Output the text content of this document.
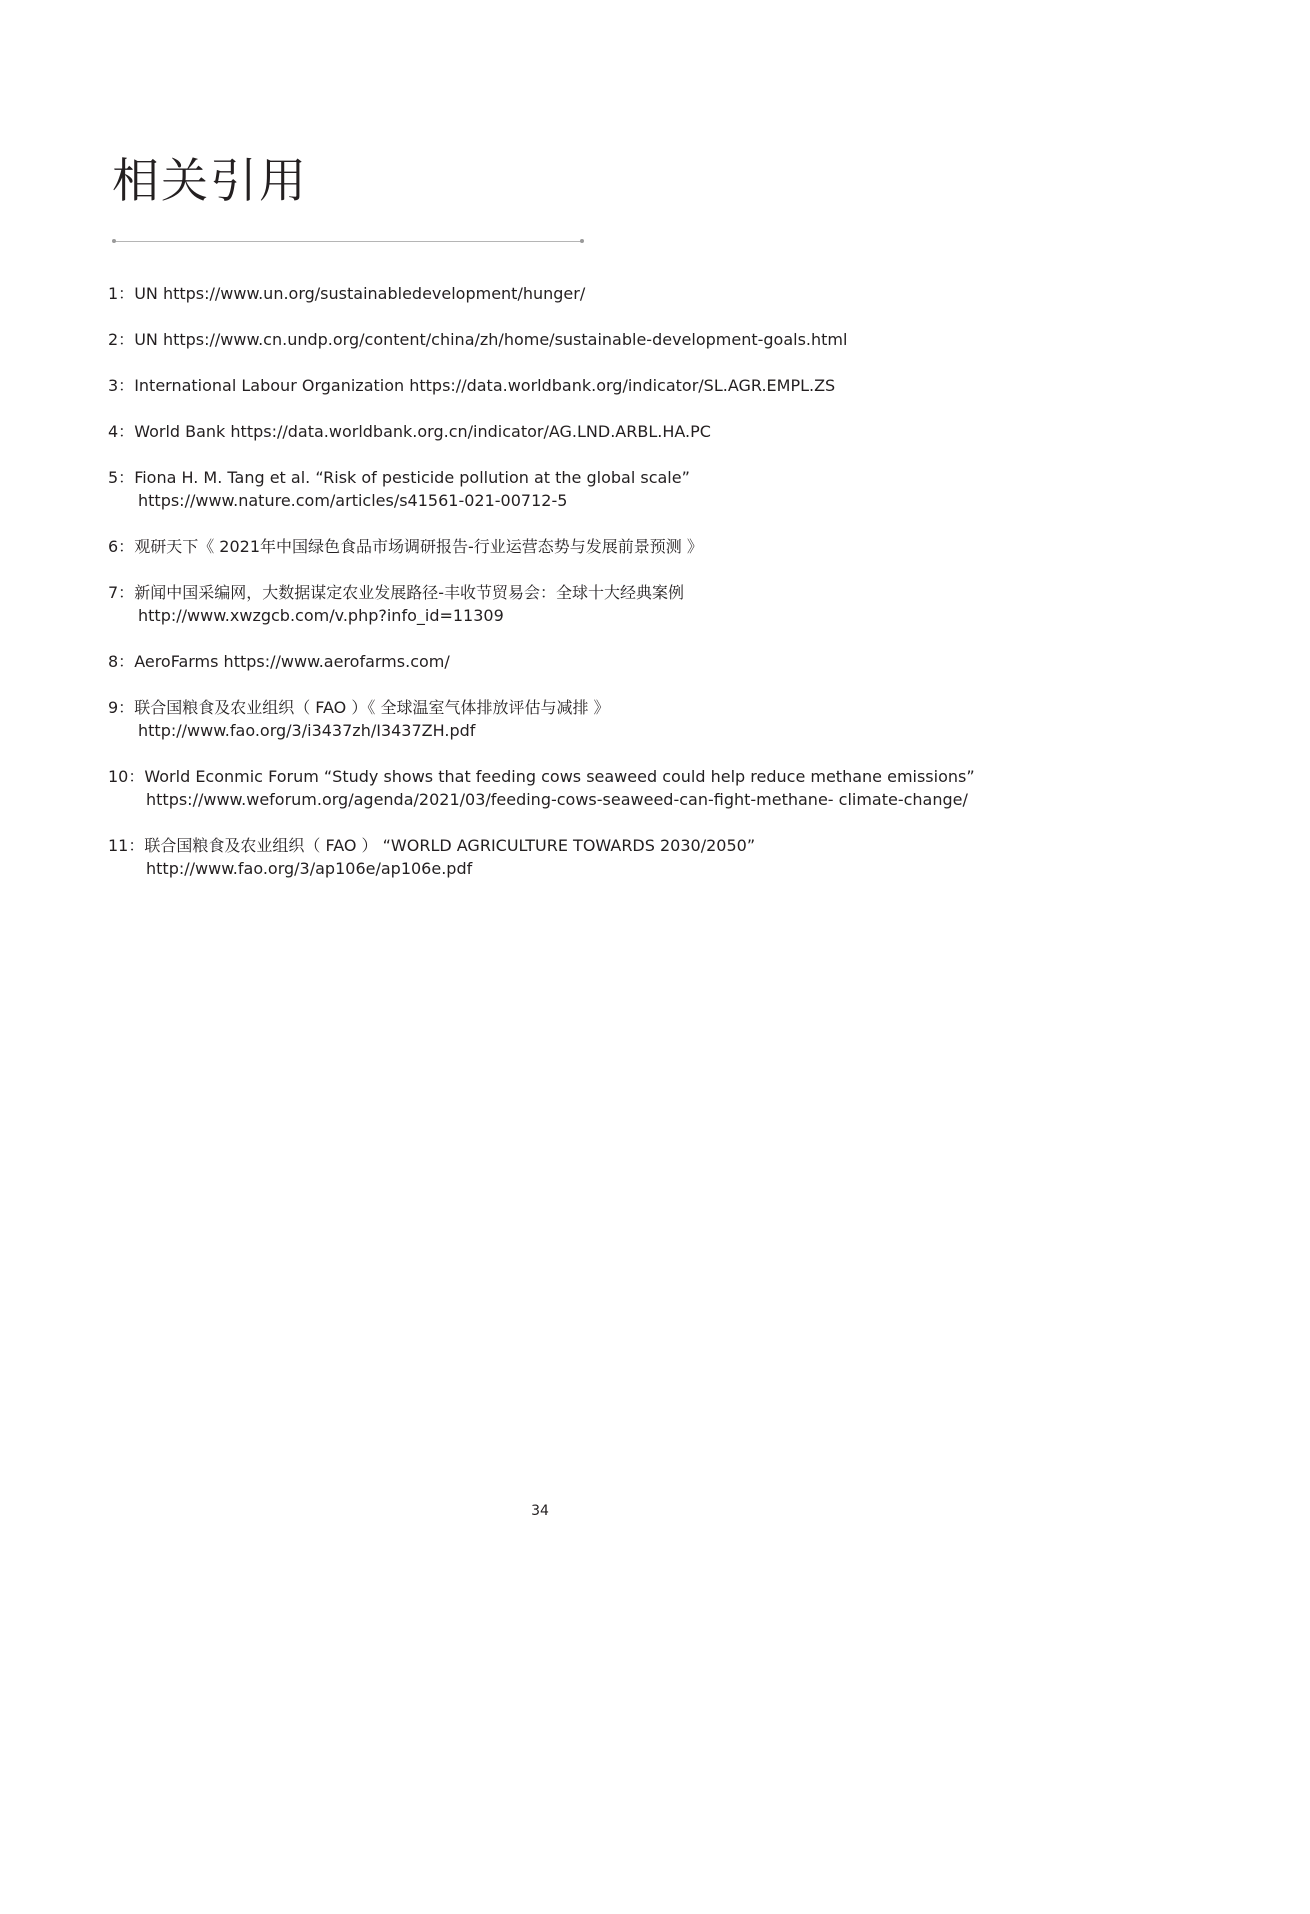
相关引用
1：UN https://www.un.org/sustainabledevelopment/hunger/
2：UN https://www.cn.undp.org/content/china/zh/home/sustainable-development-goals.html
3：International Labour Organization https://data.worldbank.org/indicator/SL.AGR.EMPL.ZS
4：World Bank https://data.worldbank.org.cn/indicator/AG.LND.ARBL.HA.PC
5：Fiona H. M. Tang et al. “Risk of pesticide pollution at the global scale”
https://www.nature.com/articles/s41561-021-00712-5
6：观研天下《 2021年中国绿色食品市场调研报告-行业运营态势与发展前景预测 》
7：新闻中国采编网，大数据谋定农业发展路径-丰收节贸易会：全球十大经典案例
http://www.xwzgcb.com/v.php?info_id=11309
8：AeroFarms https://www.aerofarms.com/
9：联合国粮食及农业组织（ FAO ）《 全球温室气体排放评估与减排 》
http://www.fao.org/3/i3437zh/I3437ZH.pdf
10：World Econmic Forum “Study shows that feeding cows seaweed could help reduce methane emissions”
https://www.weforum.org/agenda/2021/03/feeding-cows-seaweed-can-fight-methane- climate-change/
11：联合国粮食及农业组织（ FAO ） “WORLD AGRICULTURE TOWARDS 2030/2050”
http://www.fao.org/3/ap106e/ap106e.pdf
34
